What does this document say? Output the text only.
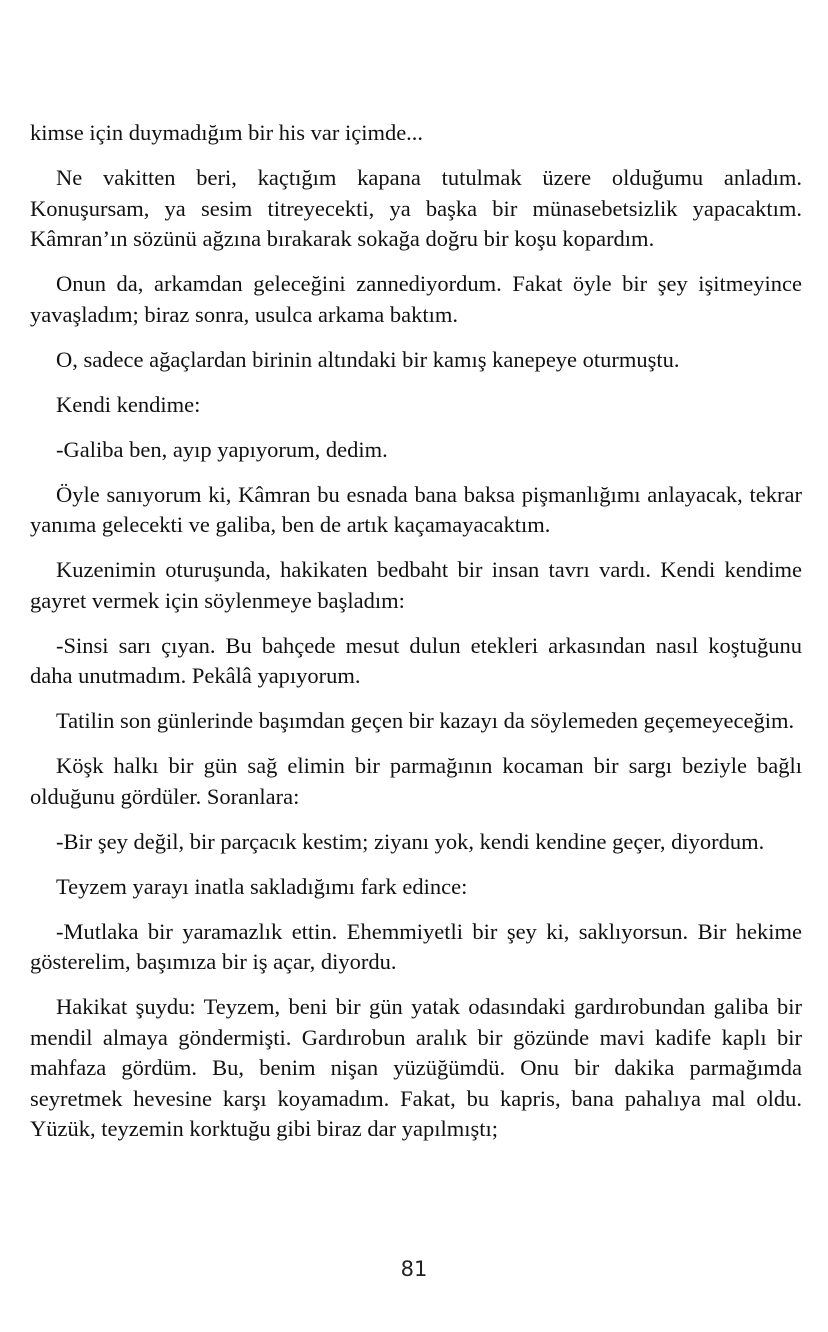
kimse için duymadığım bir his var içimde...

Ne vakitten beri, kaçtığım kapana tutulmak üzere olduğumu anladım. Konuşursam, ya sesim titreyecekti, ya başka bir münasebetsizlik yapacaktım. Kâmran’ın sözünü ağzına bırakarak sokağa doğru bir koşu kopardım.

Onun da, arkamdan geleceğini zannediyordum. Fakat öyle bir şey işitmeyince yavaşladım; biraz sonra, usulca arkama baktım.

O, sadece ağaçlardan birinin altındaki bir kamış kanepeye oturmuştu.

Kendi kendime:

-Galiba ben, ayıp yapıyorum, dedim.

Öyle sanıyorum ki, Kâmran bu esnada bana baksa pişmanlığımı anlayacak, tekrar yanıma gelecekti ve galiba, ben de artık kaçamayacaktım.

Kuzenimin oturuşunda, hakikaten bedbaht bir insan tavrı vardı. Kendi kendime gayret vermek için söylenmeye başladım:

-Sinsi sarı çıyan. Bu bahçede mesut dulun etekleri arkasından nasıl koştuğunu daha unutmadım. Pekâlâ yapıyorum.

Tatilin son günlerinde başımdan geçen bir kazayı da söylemeden geçemeyeceğim.

Köşk halkı bir gün sağ elimin bir parmağının kocaman bir sargı beziyle bağlı olduğunu gördüler. Soranlara:

-Bir şey değil, bir parçacık kestim; ziyanı yok, kendi kendine geçer, diyordum.

Teyzem yarayı inatla sakladığımı fark edince:

-Mutlaka bir yaramazlık ettin. Ehemmiyetli bir şey ki, saklıyorsun. Bir hekime gösterelim, başımıza bir iş açar, diyordu.

Hakikat şuydu: Teyzem, beni bir gün yatak odasındaki gardırobundan galiba bir mendil almaya göndermişti. Gardırobun aralık bir gözünde mavi kadife kaplı bir mahfaza gördüm. Bu, benim nişan yüzüğümdü. Onu bir dakika parmağımda seyretmek hevesine karşı koyamadım. Fakat, bu kapris, bana pahalıya mal oldu. Yüzük, teyzemin korktuğu gibi biraz dar yapılmıştı;

81
